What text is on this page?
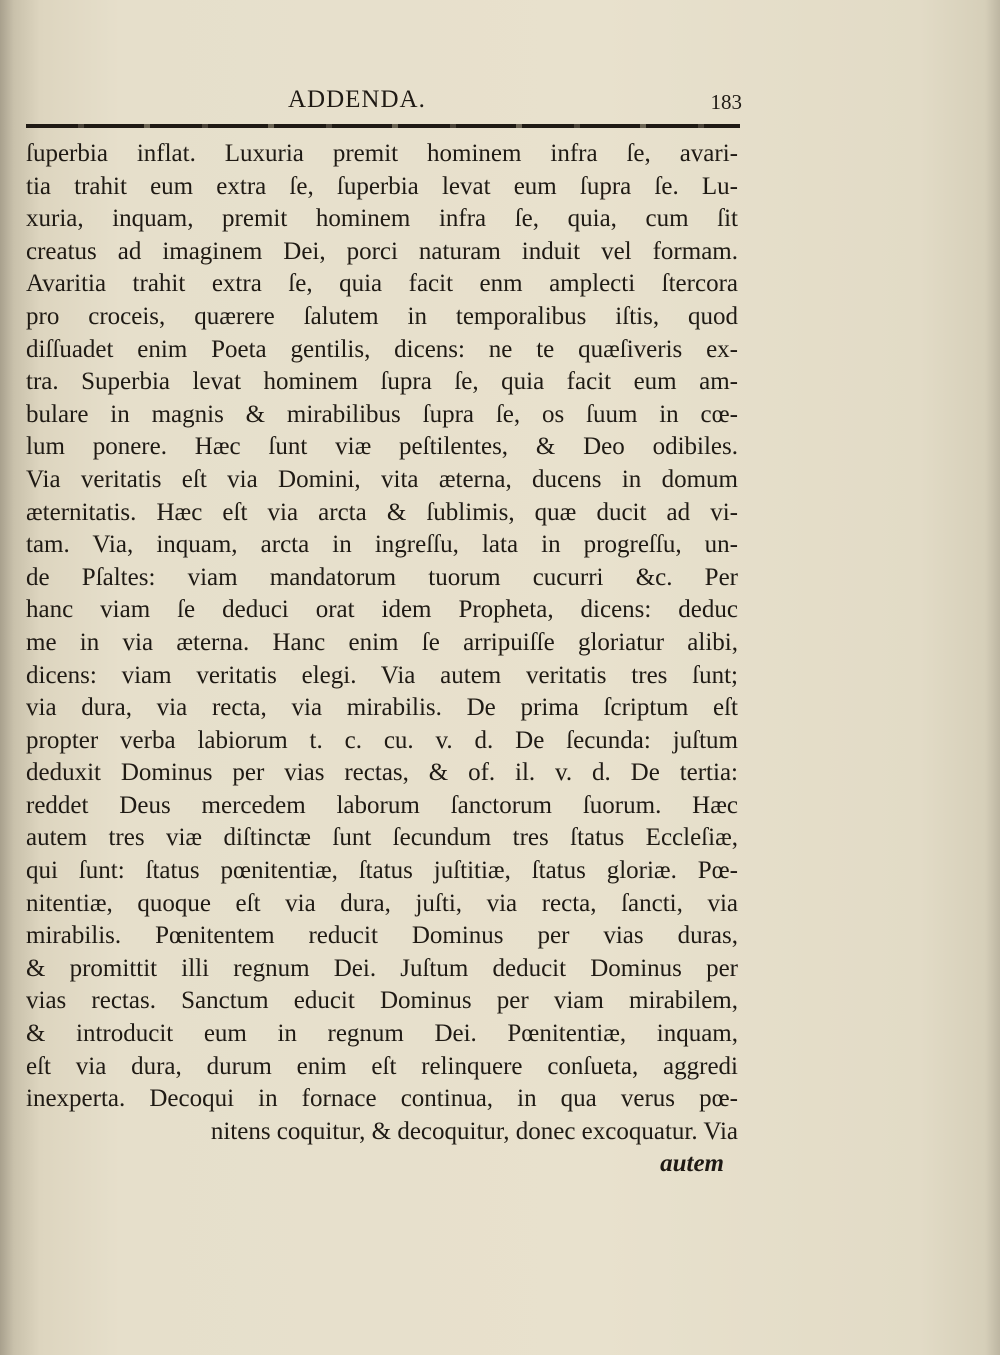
ADDENDA.	183
ſuperbia inflat. Luxuria premit hominem infra ſe, avari-
tia trahit eum extra ſe, ſuperbia levat eum ſupra ſe. Lu-
xuria, inquam, premit hominem infra ſe, quia, cum ſit
creatus ad imaginem Dei, porci naturam induit vel formam.
Avaritia trahit extra ſe, quia facit enm amplecti ſtercora
pro croceis, quærere ſalutem in temporalibus iſtis, quod
diſſuadet enim Poeta gentilis, dicens: ne te quæſiveris ex-
tra. Superbia levat hominem ſupra ſe, quia facit eum am-
bulare in magnis & mirabilibus ſupra ſe, os ſuum in cœ-
lum ponere. Hæc ſunt viæ peſtilentes, & Deo odibiles.
Via veritatis eſt via Domini, vita æterna, ducens in domum
æternitatis. Hæc eſt via arcta & ſublimis, quæ ducit ad vi-
tam. Via, inquam, arcta in ingreſſu, lata in progreſſu, un-
de Pſaltes: viam mandatorum tuorum cucurri &c. Per
hanc viam ſe deduci orat idem Propheta, dicens: deduc
me in via æterna. Hanc enim ſe arripuiſſe gloriatur alibi,
dicens: viam veritatis elegi. Via autem veritatis tres ſunt;
via dura, via recta, via mirabilis. De prima ſcriptum eſt
propter verba labiorum t. c. cu. v. d. De ſecunda: juſtum
deduxit Dominus per vias rectas, & of. il. v. d. De tertia:
reddet Deus mercedem laborum ſanctorum ſuorum. Hæc
autem tres viæ diſtinctæ ſunt ſecundum tres ſtatus Eccleſiæ,
qui ſunt: ſtatus pœnitentiæ, ſtatus juſtitiæ, ſtatus gloriæ. Pœ-
nitentiæ, quoque eſt via dura, juſti, via recta, ſancti, via
mirabilis. Pœnitentem reducit Dominus per vias duras,
& promittit illi regnum Dei. Juſtum deducit Dominus per
vias rectas. Sanctum educit Dominus per viam mirabilem,
& introducit eum in regnum Dei. Pœnitentiæ, inquam,
eſt via dura, durum enim eſt relinquere conſueta, aggredi
inexperta. Decoqui in fornace continua, in qua verus pœ-
nitens coquitur, & decoquitur, donec excoquatur. Via
autem
